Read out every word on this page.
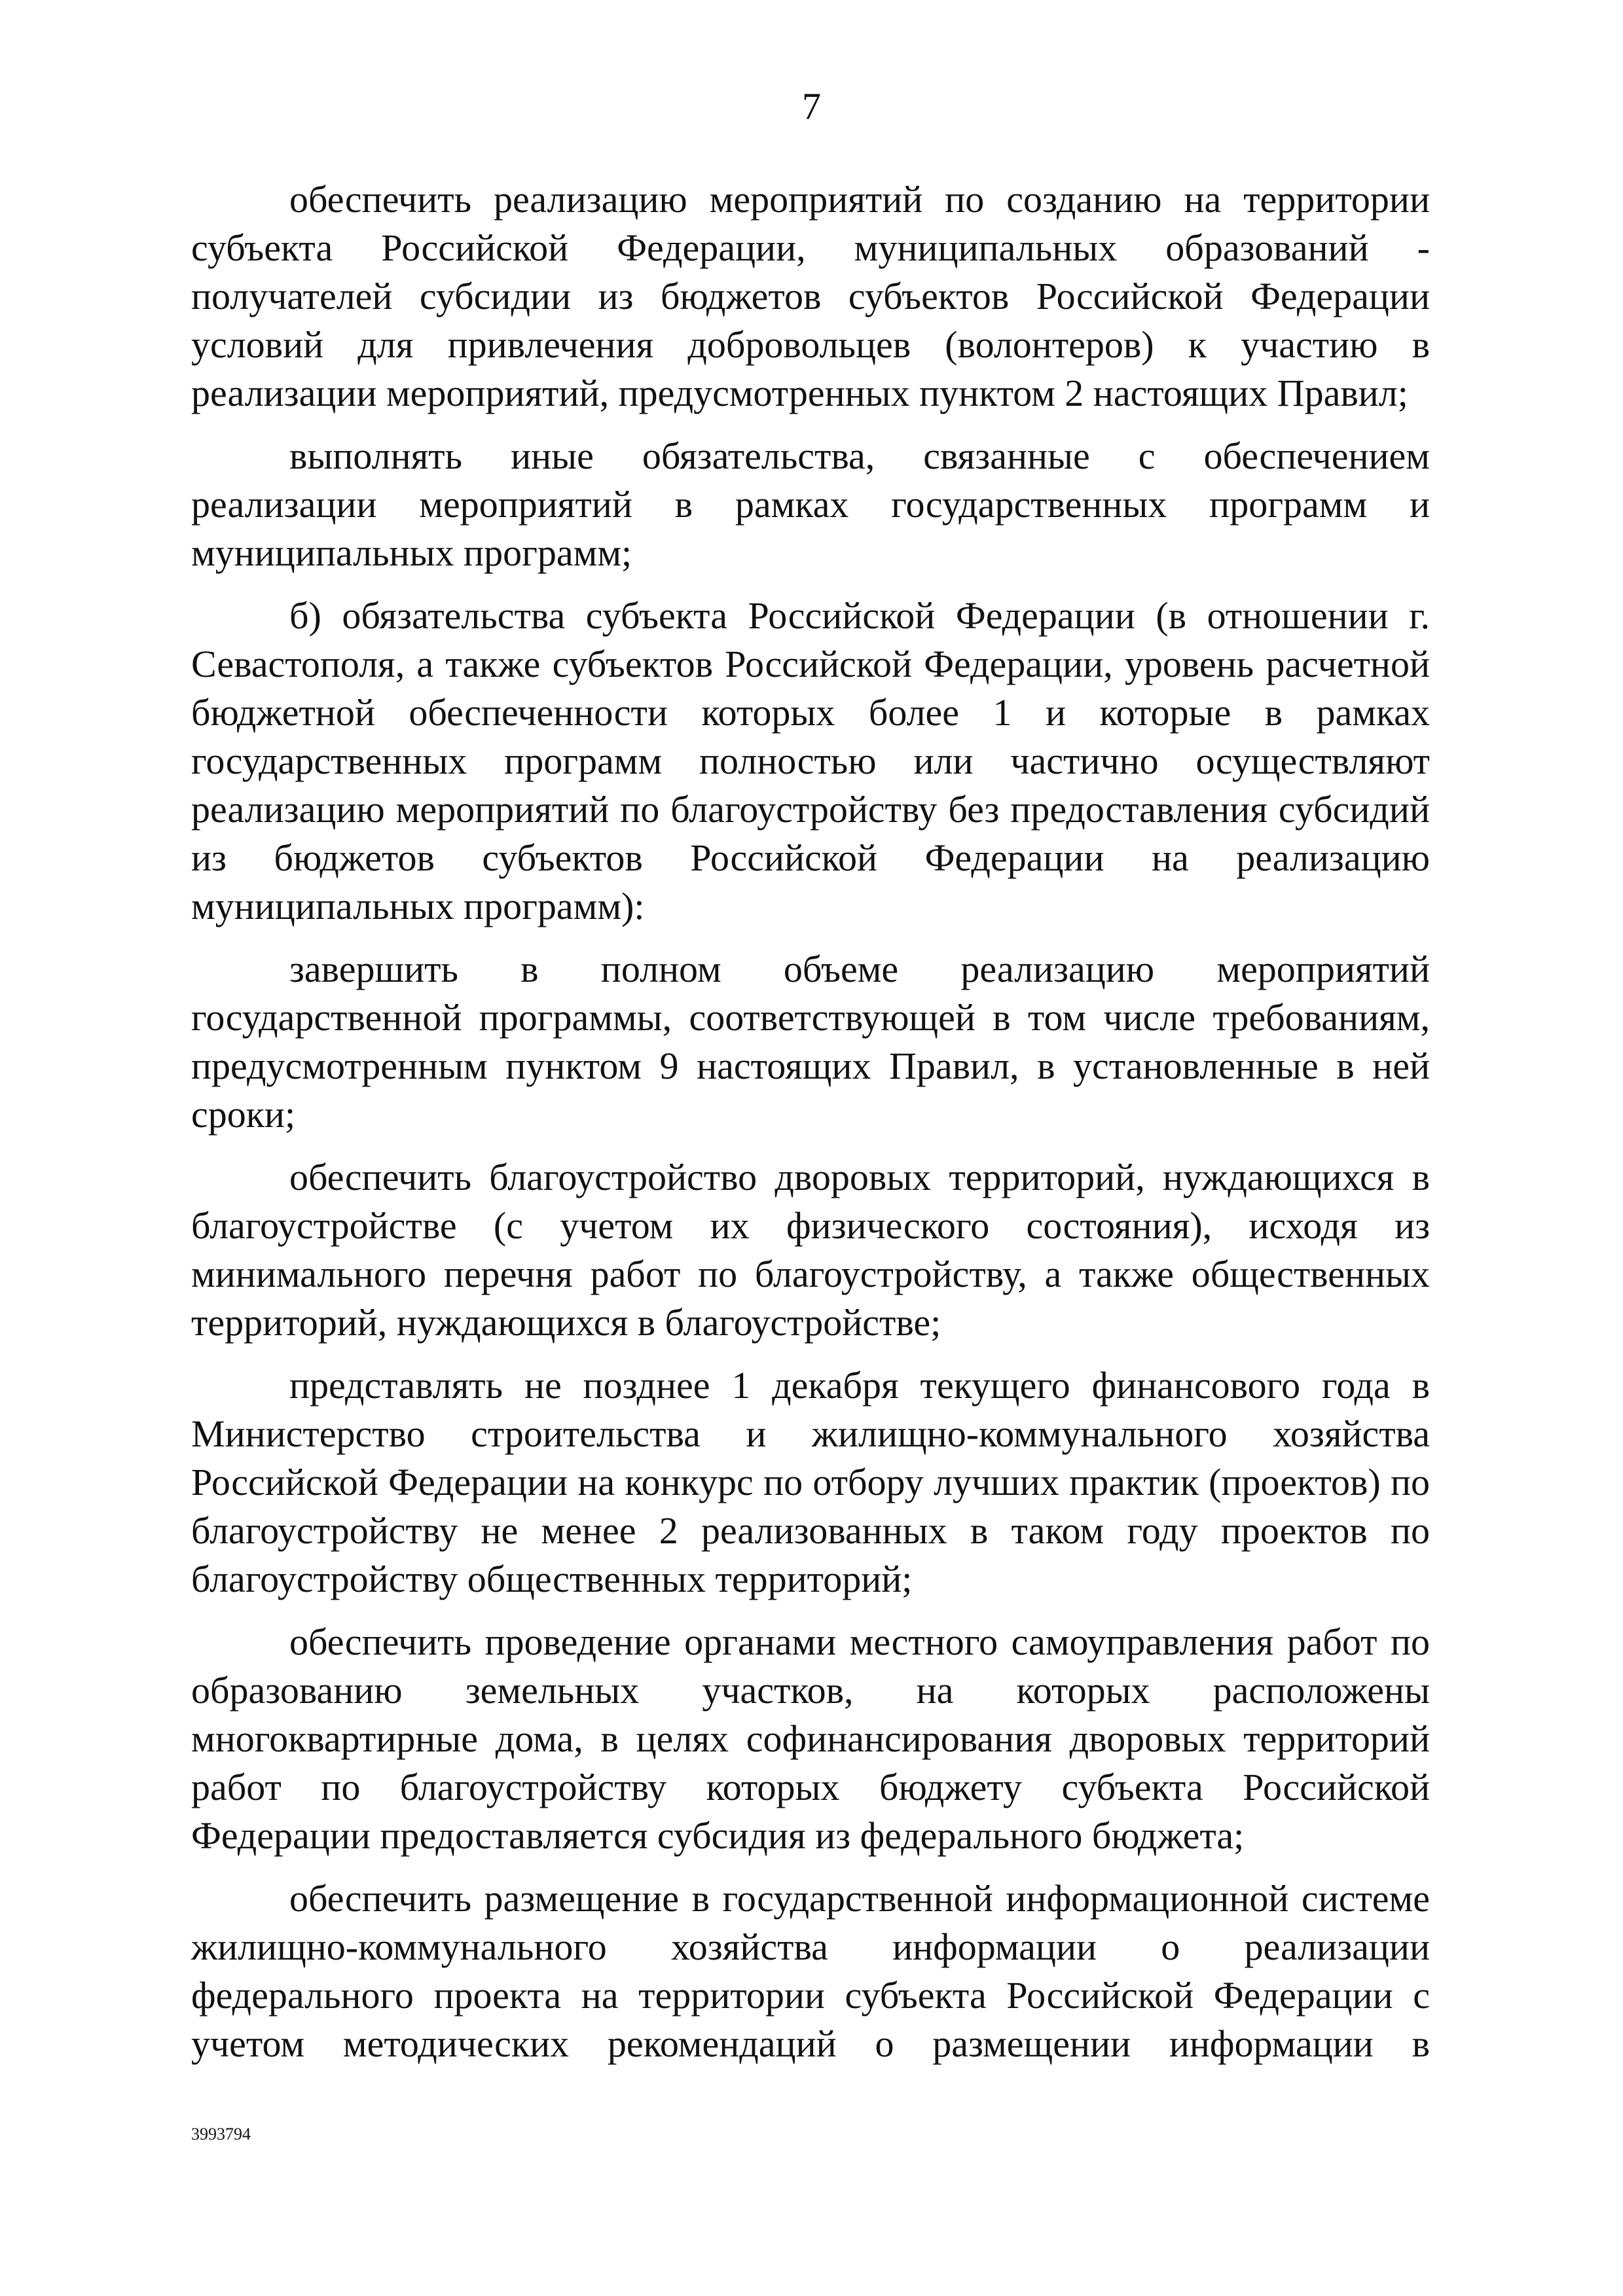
7

обеспечить реализацию мероприятий по созданию на территории субъекта Российской Федерации, муниципальных образований - получателей субсидии из бюджетов субъектов Российской Федерации условий для привлечения добровольцев (волонтеров) к участию в реализации мероприятий, предусмотренных пунктом 2 настоящих Правил;

выполнять иные обязательства, связанные с обеспечением реализации мероприятий в рамках государственных программ и муниципальных программ;

б) обязательства субъекта Российской Федерации (в отношении г. Севастополя, а также субъектов Российской Федерации, уровень расчетной бюджетной обеспеченности которых более 1 и которые в рамках государственных программ полностью или частично осуществляют реализацию мероприятий по благоустройству без предоставления субсидий из бюджетов субъектов Российской Федерации на реализацию муниципальных программ):

завершить в полном объеме реализацию мероприятий государственной программы, соответствующей в том числе требованиям, предусмотренным пунктом 9 настоящих Правил, в установленные в ней сроки;

обеспечить благоустройство дворовых территорий, нуждающихся в благоустройстве (с учетом их физического состояния), исходя из минимального перечня работ по благоустройству, а также общественных территорий, нуждающихся в благоустройстве;

представлять не позднее 1 декабря текущего финансового года в Министерство строительства и жилищно-коммунального хозяйства Российской Федерации на конкурс по отбору лучших практик (проектов) по благоустройству не менее 2 реализованных в таком году проектов по благоустройству общественных территорий;

обеспечить проведение органами местного самоуправления работ по образованию земельных участков, на которых расположены многоквартирные дома, в целях софинансирования дворовых территорий работ по благоустройству которых бюджету субъекта Российской Федерации предоставляется субсидия из федерального бюджета;

обеспечить размещение в государственной информационной системе жилищно-коммунального хозяйства информации о реализации федерального проекта на территории субъекта Российской Федерации с учетом методических рекомендаций о размещении информации в

3993794
